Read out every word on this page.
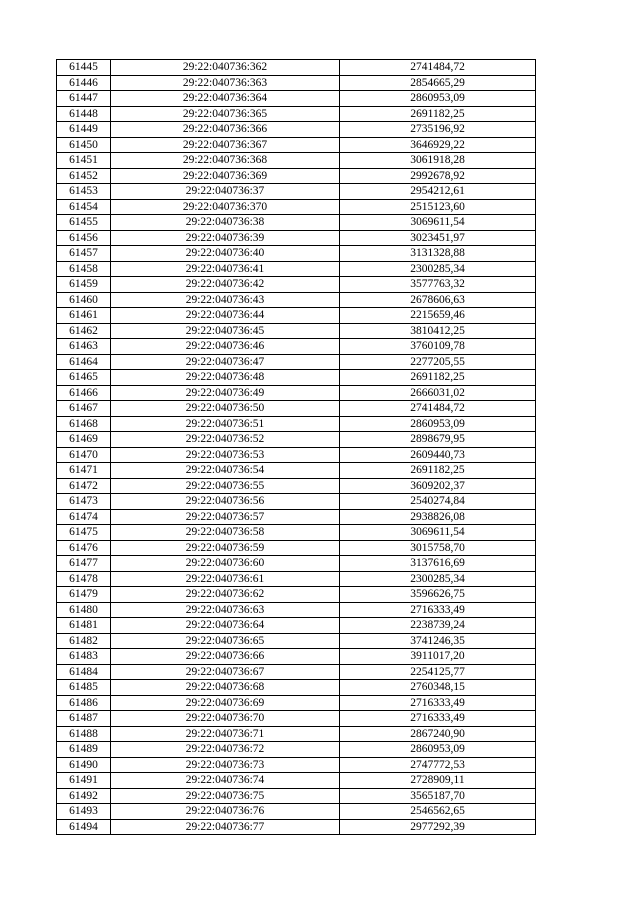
61445	29:22:040736:362	2741484,72
61446	29:22:040736:363	2854665,29
61447	29:22:040736:364	2860953,09
61448	29:22:040736:365	2691182,25
61449	29:22:040736:366	2735196,92
61450	29:22:040736:367	3646929,22
61451	29:22:040736:368	3061918,28
61452	29:22:040736:369	2992678,92
61453	29:22:040736:37	2954212,61
61454	29:22:040736:370	2515123,60
61455	29:22:040736:38	3069611,54
61456	29:22:040736:39	3023451,97
61457	29:22:040736:40	3131328,88
61458	29:22:040736:41	2300285,34
61459	29:22:040736:42	3577763,32
61460	29:22:040736:43	2678606,63
61461	29:22:040736:44	2215659,46
61462	29:22:040736:45	3810412,25
61463	29:22:040736:46	3760109,78
61464	29:22:040736:47	2277205,55
61465	29:22:040736:48	2691182,25
61466	29:22:040736:49	2666031,02
61467	29:22:040736:50	2741484,72
61468	29:22:040736:51	2860953,09
61469	29:22:040736:52	2898679,95
61470	29:22:040736:53	2609440,73
61471	29:22:040736:54	2691182,25
61472	29:22:040736:55	3609202,37
61473	29:22:040736:56	2540274,84
61474	29:22:040736:57	2938826,08
61475	29:22:040736:58	3069611,54
61476	29:22:040736:59	3015758,70
61477	29:22:040736:60	3137616,69
61478	29:22:040736:61	2300285,34
61479	29:22:040736:62	3596626,75
61480	29:22:040736:63	2716333,49
61481	29:22:040736:64	2238739,24
61482	29:22:040736:65	3741246,35
61483	29:22:040736:66	3911017,20
61484	29:22:040736:67	2254125,77
61485	29:22:040736:68	2760348,15
61486	29:22:040736:69	2716333,49
61487	29:22:040736:70	2716333,49
61488	29:22:040736:71	2867240,90
61489	29:22:040736:72	2860953,09
61490	29:22:040736:73	2747772,53
61491	29:22:040736:74	2728909,11
61492	29:22:040736:75	3565187,70
61493	29:22:040736:76	2546562,65
61494	29:22:040736:77	2977292,39
